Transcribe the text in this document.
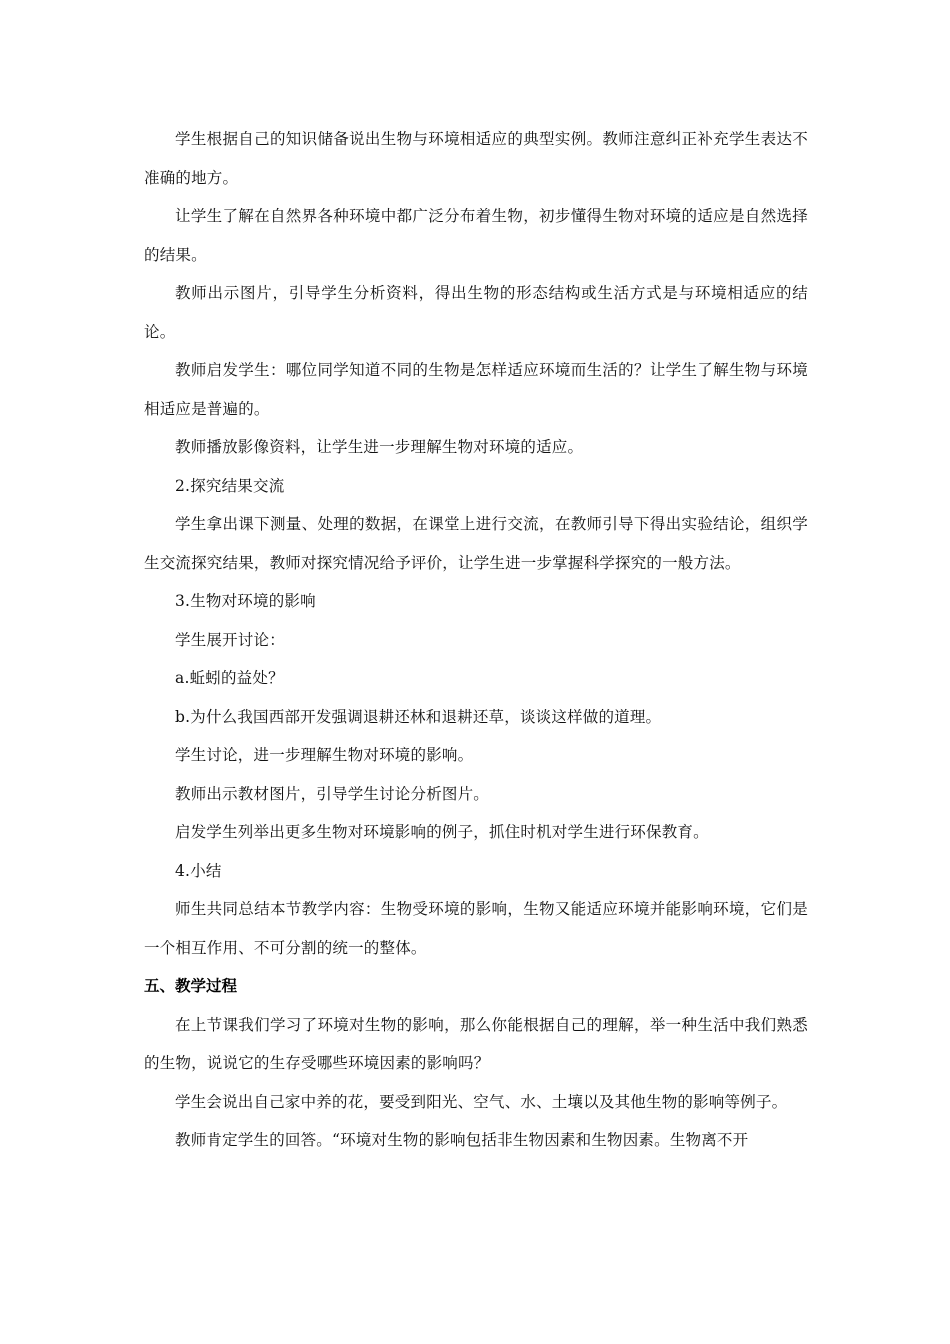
学生根据自己的知识储备说出生物与环境相适应的典型实例。教师注意纠正补充学生表达不准确的地方。

让学生了解在自然界各种环境中都广泛分布着生物，初步懂得生物对环境的适应是自然选择的结果。

教师出示图片，引导学生分析资料，得出生物的形态结构或生活方式是与环境相适应的结论。

教师启发学生：哪位同学知道不同的生物是怎样适应环境而生活的？让学生了解生物与环境相适应是普遍的。

教师播放影像资料，让学生进一步理解生物对环境的适应。

2.探究结果交流

学生拿出课下测量、处理的数据，在课堂上进行交流，在教师引导下得出实验结论，组织学生交流探究结果，教师对探究情况给予评价，让学生进一步掌握科学探究的一般方法。

3.生物对环境的影响

学生展开讨论：

a.蚯蚓的益处？

b.为什么我国西部开发强调退耕还林和退耕还草，谈谈这样做的道理。

学生讨论，进一步理解生物对环境的影响。

教师出示教材图片，引导学生讨论分析图片。

启发学生列举出更多生物对环境影响的例子，抓住时机对学生进行环保教育。

4.小结

师生共同总结本节教学内容：生物受环境的影响，生物又能适应环境并能影响环境，它们是一个相互作用、不可分割的统一的整体。

五、教学过程

在上节课我们学习了环境对生物的影响，那么你能根据自己的理解，举一种生活中我们熟悉的生物，说说它的生存受哪些环境因素的影响吗？

学生会说出自己家中养的花，要受到阳光、空气、水、土壤以及其他生物的影响等例子。

教师肯定学生的回答。“环境对生物的影响包括非生物因素和生物因素。生物离不开
